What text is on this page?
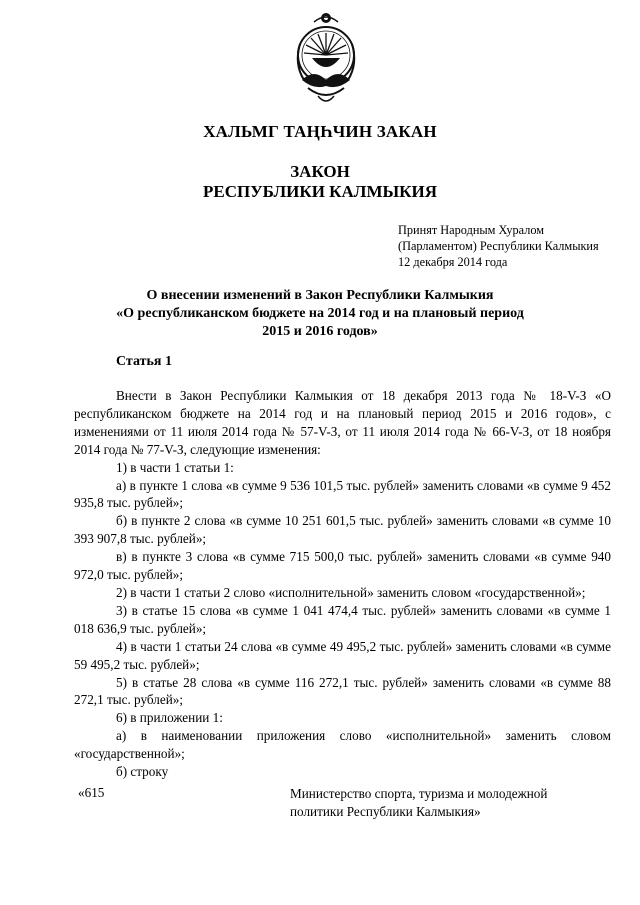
ХАЛЬМГ ТАҢҺЧИН ЗАКАН
ЗАКОН
РЕСПУБЛИКИ КАЛМЫКИЯ
Принят Народным Хуралом
(Парламентом) Республики Калмыкия
12 декабря 2014 года
О внесении изменений в Закон Республики Калмыкия
«О республиканском бюджете на 2014 год и на плановый период
2015 и 2016 годов»
Статья 1

Внести в Закон Республики Калмыкия от 18 декабря 2013 года № 18-V-З «О республиканском бюджете на 2014 год и на плановый период 2015 и 2016 годов», с изменениями от 11 июля 2014 года № 57-V-З, от 11 июля 2014 года № 66-V-З, от 18 ноября 2014 года № 77-V-З, следующие изменения:

1) в части 1 статьи 1:

а) в пункте 1 слова «в сумме 9 536 101,5 тыс. рублей» заменить словами «в сумме 9 452 935,8 тыс. рублей»;

б) в пункте 2 слова «в сумме 10 251 601,5 тыс. рублей» заменить словами «в сумме 10 393 907,8 тыс. рублей»;

в) в пункте 3 слова «в сумме 715 500,0 тыс. рублей» заменить словами «в сумме 940 972,0 тыс. рублей»;

2) в части 1 статьи 2 слово «исполнительной» заменить словом «государственной»;

3) в статье 15 слова «в сумме 1 041 474,4 тыс. рублей» заменить словами «в сумме 1 018 636,9 тыс. рублей»;

4) в части 1 статьи 24 слова «в сумме 49 495,2 тыс. рублей» заменить словами «в сумме 59 495,2 тыс. рублей»;

5) в статье 28 слова «в сумме 116 272,1 тыс. рублей» заменить словами «в сумме 88 272,1 тыс. рублей»;

6) в приложении 1:

а) в наименовании приложения слово «исполнительной» заменить словом «государственной»;

б) строку

«615	Министерство спорта, туризма и молодежной

политики Республики Калмыкия»
